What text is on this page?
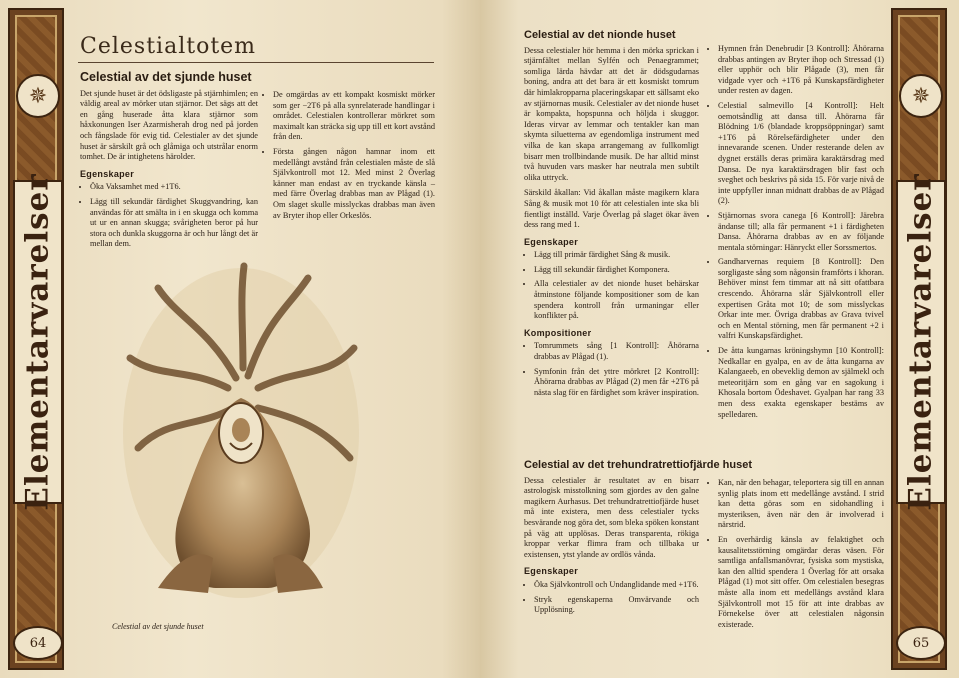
✵
Elementarvarelser
64
Celestialtotem
Celestial av det sjunde huset

Det sjunde huset är det ödsligaste på stjärnhimlen; en väldig areal av mörker utan stjärnor. Det sägs att det en gång huserade åtta klara stjärnor som håxkonungen Iser Azarmisherah drog ned på jorden och fångslade för evig tid. Celestialer av det sjunde huset är särskilt grå och glåmiga och utstrålar enorm tomhet. De är intighetens härolder.

Egenskaper
• Öka Vaksamhet med +1T6.
• Lägg till sekundär färdighet Skuggvandring, kan användas för att smälta in i en skugga och komma ut ur en annan skugga; svårigheten beror på hur stora och dunkla skuggorna är och hur långt det är mellan dem.
• De omgärdas av ett kompakt kosmiskt mörker som ger −2T6 på alla synrelaterade handlingar i området. Celestialen kontrollerar mörkret som maximalt kan sträcka sig upp till ett kort avstånd från den.
• Första gången någon hamnar inom ett medellångt avstånd från celestialen måste de slå Självkontroll mot 12. Med minst 2 Överlag känner man endast av en tryckande känsla – med färre Överlag drabbas man av Plågad (1). Om slaget skulle misslyckas drabbas man även av Bryter ihop eller Orkeslös.
Celestial av det sjunde huset
✵
Elementarvarelser
65
Celestial av det nionde huset

Dessa celestialer hör hemma i den mörka sprickan i stjärnfältet mellan Sylfén och Penaegrammet; somliga lärda hävdar att det är dödsgudarnas boning, andra att det bara är ett kosmiskt tomrum där himlakropparna placeringskapar ett sällsamt eko av stjärnornas musik. Celestialer av det nionde huset är kompakta, hopspunna och höljda i skuggor. Ideras virvar av lemmar och tentakler kan man skymta siluetterna av egendomliga instrument med vilka de kan skapa arrangemang av fullkomligt bisarr men trollbindande musik. De har alltid minst två huvuden vars masker har neutrala men subtilt olika uttryck.

Särskild åkallan: Vid åkallan måste magikern klara Sång & musik mot 10 för att celestialen inte ska bli fientligt inställd. Varje Överlag på slaget ökar även dess rang med 1.

Egenskaper
• Lägg till primär färdighet Sång & musik.
• Lägg till sekundär färdighet Komponera.
• Alla celestialer av det nionde huset behärskar åtminstone följande kompositioner som de kan spendera kontroll från urmaningar eller konflikter på.
Kompositioner
• Tomrummets sång [1 Kontroll]: Åhörarna drabbas av Plågad (1).
• Symfonin från det yttre mörkret [2 Kontroll]: Åhörarna drabbas av Plågad (2) men får +2T6 på nästa slag för en färdighet som kräver inspiration.
• Hymnen från Denebrudir [3 Kontroll]: Åhörarna drabbas antingen av Bryter ihop och Stressad (1) eller upphör och blir Plågade (3), men får vidgade vyer och +1T6 på Kunskapsfärdigheter under resten av dagen.
• Celestial salmevillo [4 Kontroll]: Helt oemotsåndlig att dansa till. Åhörarna får Blödning 1/6 (blandade kroppsöppningar) samt +1T6 på Rörelsefärdigheter under den innevarande scenen. Under resterande delen av dygnet erställs deras primära karaktärsdrag med Dansa. De nya karaktärsdragen blir fast och sveghet och beskrivs på sida 15. För varje nivå de inte uppfyller innan midnatt drabbas de av Plågad (2).
• Stjärnornas svora canega [6 Kontroll]: Järebra ändanse till; alla får permanent +1 i färdigheten Dansa. Åhörarna drabbas av en av följande mentala störningar: Hänryckt eller Sorssmertos.
• Gandharvernas requiem [8 Kontroll]: Den sorgligaste sång som någonsin framförts i khoran. Behöver minst fem timmar att nå sitt ofattbara crescendo. Åhörarna slår Självkontroll eller expertisen Gråta mot 10; de som misslyckas Orkar inte mer. Övriga drabbas av Grava tvivel och en Mental störning, men får permanent +2 i valfri Kunskapsfärdighet.
• De åtta kungarnas kröningshymn [10 Kontroll]: Nedkallar en gyalpa, en av de åtta kungarna av Kalangaeeb, en obeveklig demon av själmekl och meteoritjärn som en gång var en sagokung i Khosala bortom Ödeshavet. Gyalpan har rang 33 men dess exakta egenskaper bestäms av spelledaren.
Celestial av det trehundratrettiofjärde huset

Dessa celestialer är resultatet av en bisarr astrologisk misstolkning som gjordes av den galne magikern Aurhasus. Det trehundratrettiofjärde huset må inte existera, men dess celestialer tycks besvärande nog göra det, som bleka spöken konstant på väg att upplösas. Deras transparenta, rökiga kroppar verkar flimra fram och tillbaka ur existensen, ytst ylande av ordlös vånda.

Egenskaper
• Öka Självkontroll och Undanglidande med +1T6.
• Stryk egenskaperna Omvärvande och Upplösning.
• Kan, när den behagar, teleportera sig till en annan synlig plats inom ett medellånge avstånd. I strid kan detta göras som en sidohandling i mysteriksen, även när den är involverad i närstrid.
• En overhärdig känsla av felaktighet och kausalitetsstörning omgärdar deras väsen. För samtliga anfallsmanövrar, fysiska som mystiska, kan den alltid spendera 1 Överlag för att orsaka Plågad (1) mot sitt offer. Om celestialen besegras måste alla inom ett medellängs avstånd klara Självkontroll mot 15 för att inte drabbas av Förnekelse över att celestialen någonsin existerade.
